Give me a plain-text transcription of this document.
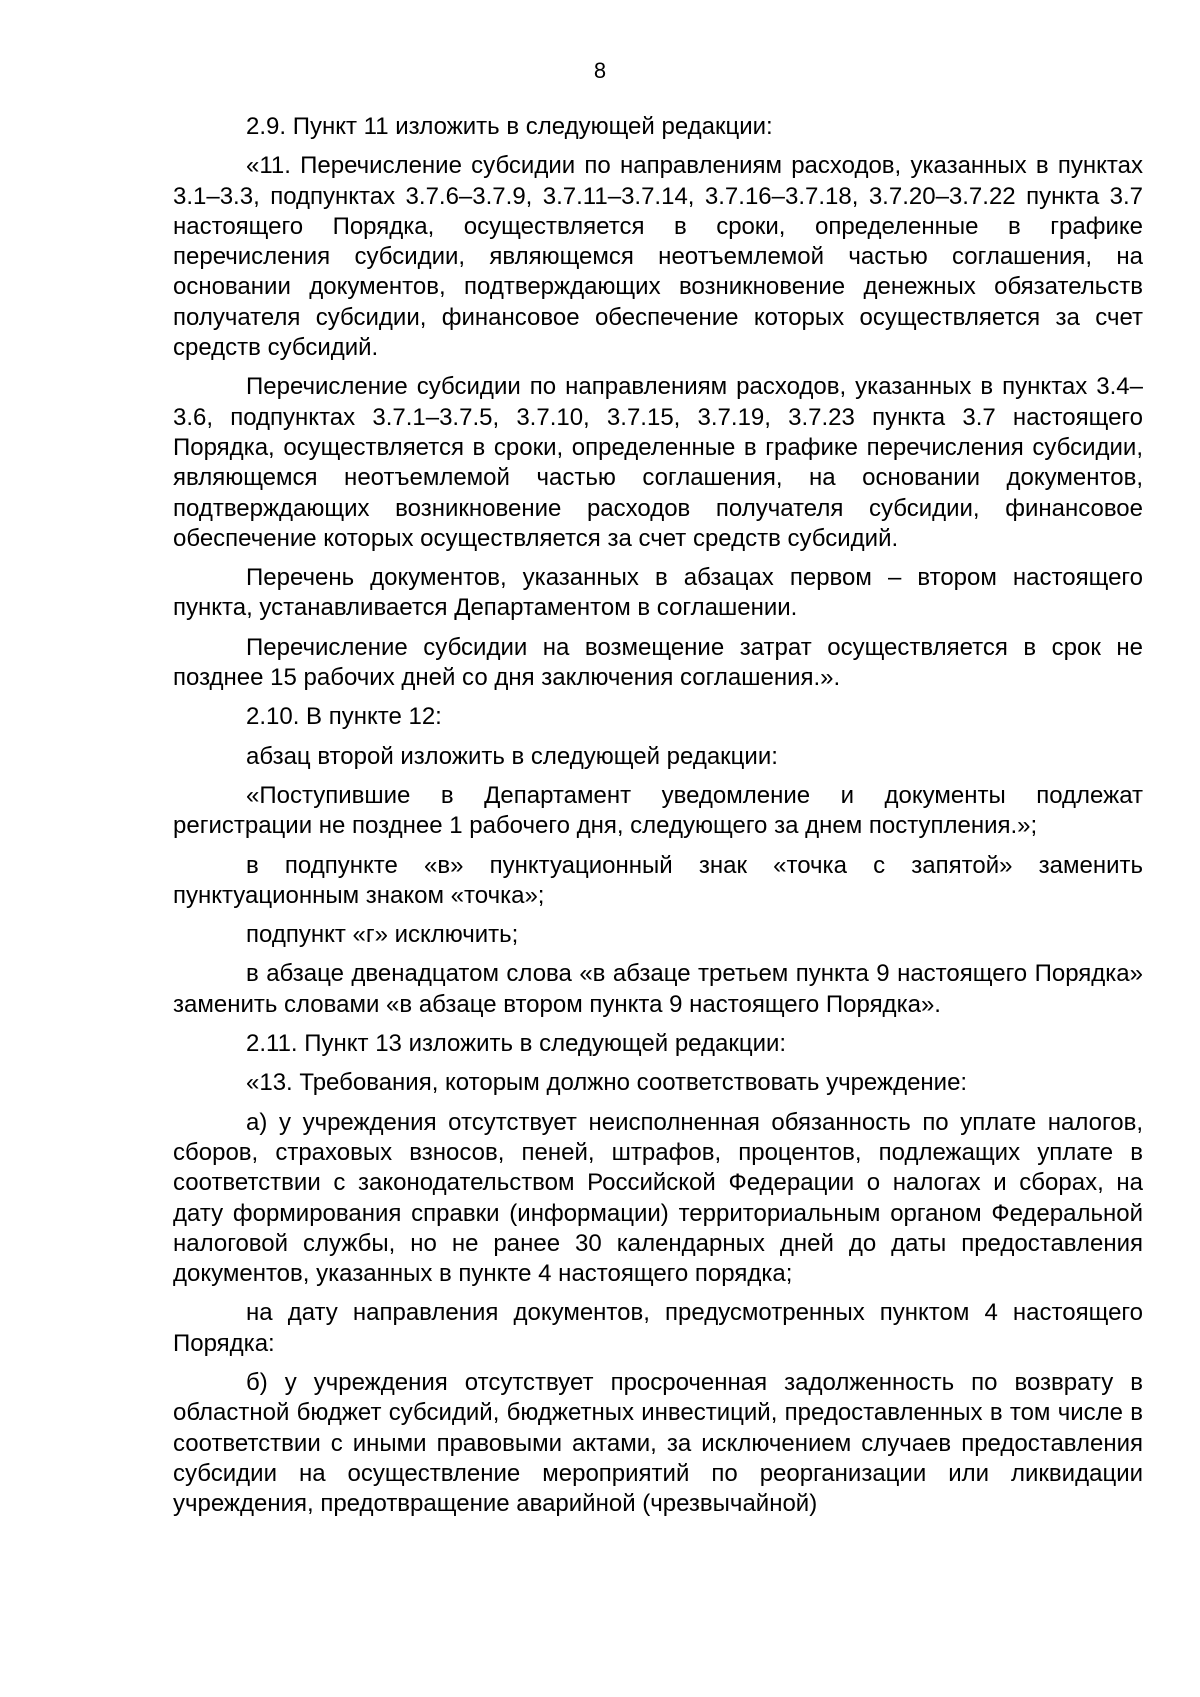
8

2.9. Пункт 11 изложить в следующей редакции:

«11. Перечисление субсидии по направлениям расходов, указанных в пунктах 3.1–3.3, подпунктах 3.7.6–3.7.9, 3.7.11–3.7.14, 3.7.16–3.7.18, 3.7.20–3.7.22 пункта 3.7 настоящего Порядка, осуществляется в сроки, определенные в графике перечисления субсидии, являющемся неотъемлемой частью соглашения, на основании документов, подтверждающих возникновение денежных обязательств получателя субсидии, финансовое обеспечение которых осуществляется за счет средств субсидий.

Перечисление субсидии по направлениям расходов, указанных в пунктах 3.4–3.6, подпунктах 3.7.1–3.7.5, 3.7.10, 3.7.15, 3.7.19, 3.7.23 пункта 3.7 настоящего Порядка, осуществляется в сроки, определенные в графике перечисления субсидии, являющемся неотъемлемой частью соглашения, на основании документов, подтверждающих возникновение расходов получателя субсидии, финансовое обеспечение которых осуществляется за счет средств субсидий.

Перечень документов, указанных в абзацах первом – втором настоящего пункта, устанавливается Департаментом в соглашении.

Перечисление субсидии на возмещение затрат осуществляется в срок не позднее 15 рабочих дней со дня заключения соглашения.».

2.10. В пункте 12:

абзац второй изложить в следующей редакции:

«Поступившие в Департамент уведомление и документы подлежат регистрации не позднее 1 рабочего дня, следующего за днем поступления.»;

в подпункте «в» пунктуационный знак «точка с запятой» заменить пунктуационным знаком «точка»;

подпункт «г» исключить;

в абзаце двенадцатом слова «в абзаце третьем пункта 9 настоящего Порядка» заменить словами «в абзаце втором пункта 9 настоящего Порядка».

2.11. Пункт 13 изложить в следующей редакции:

«13. Требования, которым должно соответствовать учреждение:

а) у учреждения отсутствует неисполненная обязанность по уплате налогов, сборов, страховых взносов, пеней, штрафов, процентов, подлежащих уплате в соответствии с законодательством Российской Федерации о налогах и сборах, на дату формирования справки (информации) территориальным органом Федеральной налоговой службы, но не ранее 30 календарных дней до даты предоставления документов, указанных в пункте 4 настоящего порядка;

на дату направления документов, предусмотренных пунктом 4 настоящего Порядка:

б) у учреждения отсутствует просроченная задолженность по возврату в областной бюджет субсидий, бюджетных инвестиций, предоставленных в том числе в соответствии с иными правовыми актами, за исключением случаев предоставления субсидии на осуществление мероприятий по реорганизации или ликвидации учреждения, предотвращение аварийной (чрезвычайной)
